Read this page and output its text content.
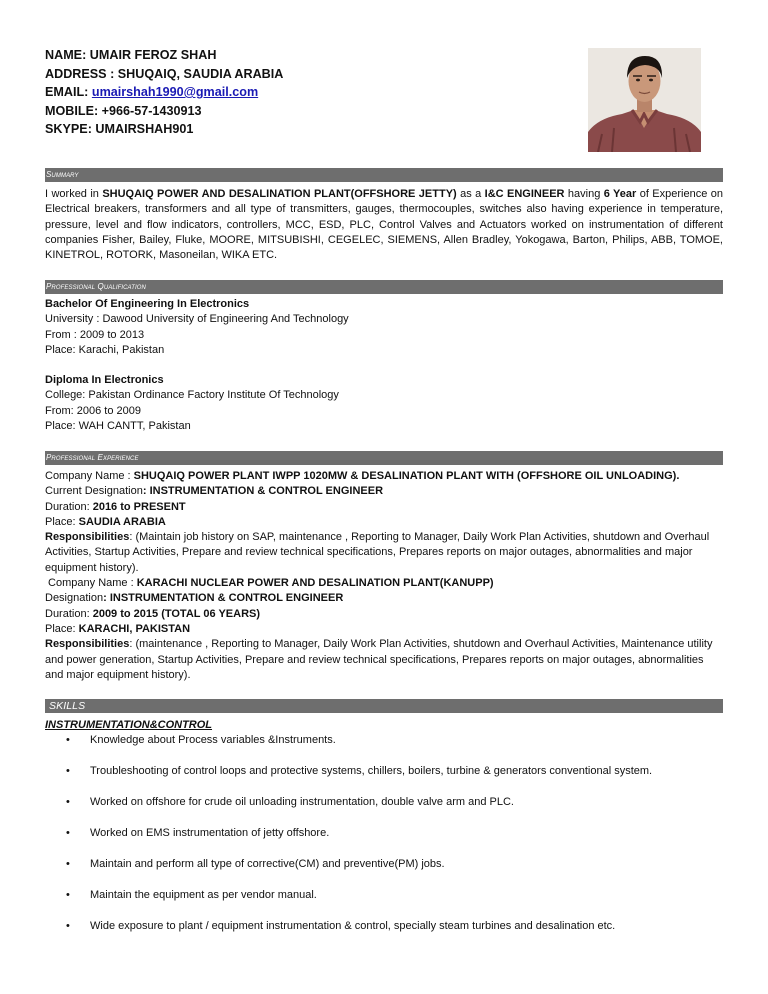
NAME: UMAIR FEROZ SHAH
ADDRESS : SHUQAIQ, SAUDIA ARABIA
EMAIL: umairshah1990@gmail.com
MOBILE: +966-57-1430913
SKYPE: UMAIRSHAH901
Summary
I worked in SHUQAIQ POWER AND DESALINATION PLANT(OFFSHORE JETTY) as a I&C ENGINEER having 6 Year of Experience on Electrical breakers, transformers and all type of transmitters, gauges, thermocouples, switches also having experience in temperature, pressure, level and flow indicators, controllers, MCC, ESD, PLC, Control Valves and Actuators worked on instrumentation of different companies Fisher, Bailey, Fluke, MOORE, MITSUBISHI, CEGELEC, SIEMENS, Allen Bradley, Yokogawa, Barton, Philips, ABB, TOMOE, KINETROL, ROTORK, Masoneilan, WIKA ETC.
Professional Qualification
Bachelor Of Engineering In Electronics
University : Dawood University of Engineering And Technology
From : 2009 to 2013
Place: Karachi, Pakistan
Diploma In Electronics
College: Pakistan Ordinance Factory Institute Of Technology
From: 2006 to 2009
Place: WAH CANTT, Pakistan
Professional Experience
Company Name : SHUQAIQ POWER PLANT IWPP 1020MW & DESALINATION PLANT WITH (OFFSHORE OIL UNLOADING).
Current Designation: INSTRUMENTATION & CONTROL ENGINEER
Duration: 2016 to PRESENT
Place: SAUDIA ARABIA
Responsibilities: (Maintain job history on SAP, maintenance , Reporting to Manager, Daily Work Plan Activities, shutdown and Overhaul Activities, Startup Activities, Prepare and review technical specifications, Prepares reports on major outages, abnormalities and major equipment history).
Company Name : KARACHI NUCLEAR POWER AND DESALINATION PLANT(KANUPP)
Designation: INSTRUMENTATION & CONTROL ENGINEER
Duration: 2009 to 2015 (TOTAL 06 YEARS)
Place: KARACHI, PAKISTAN
Responsibilities: (maintenance , Reporting to Manager, Daily Work Plan Activities, shutdown and Overhaul Activities, Maintenance utility and power generation, Startup Activities, Prepare and review technical specifications, Prepares reports on major outages, abnormalities and major equipment history).
SKILLS
INSTRUMENTATION&CONTROL
• Knowledge about Process variables &Instruments.
• Troubleshooting of control loops and protective systems, chillers, boilers, turbine & generators conventional system.
• Worked on offshore for crude oil unloading instrumentation, double valve arm and PLC.
• Worked on EMS instrumentation of jetty offshore.
• Maintain and perform all type of corrective(CM) and preventive(PM) jobs.
• Maintain the equipment as per vendor manual.
• Wide exposure to plant / equipment instrumentation & control, specially steam turbines and desalination etc.
